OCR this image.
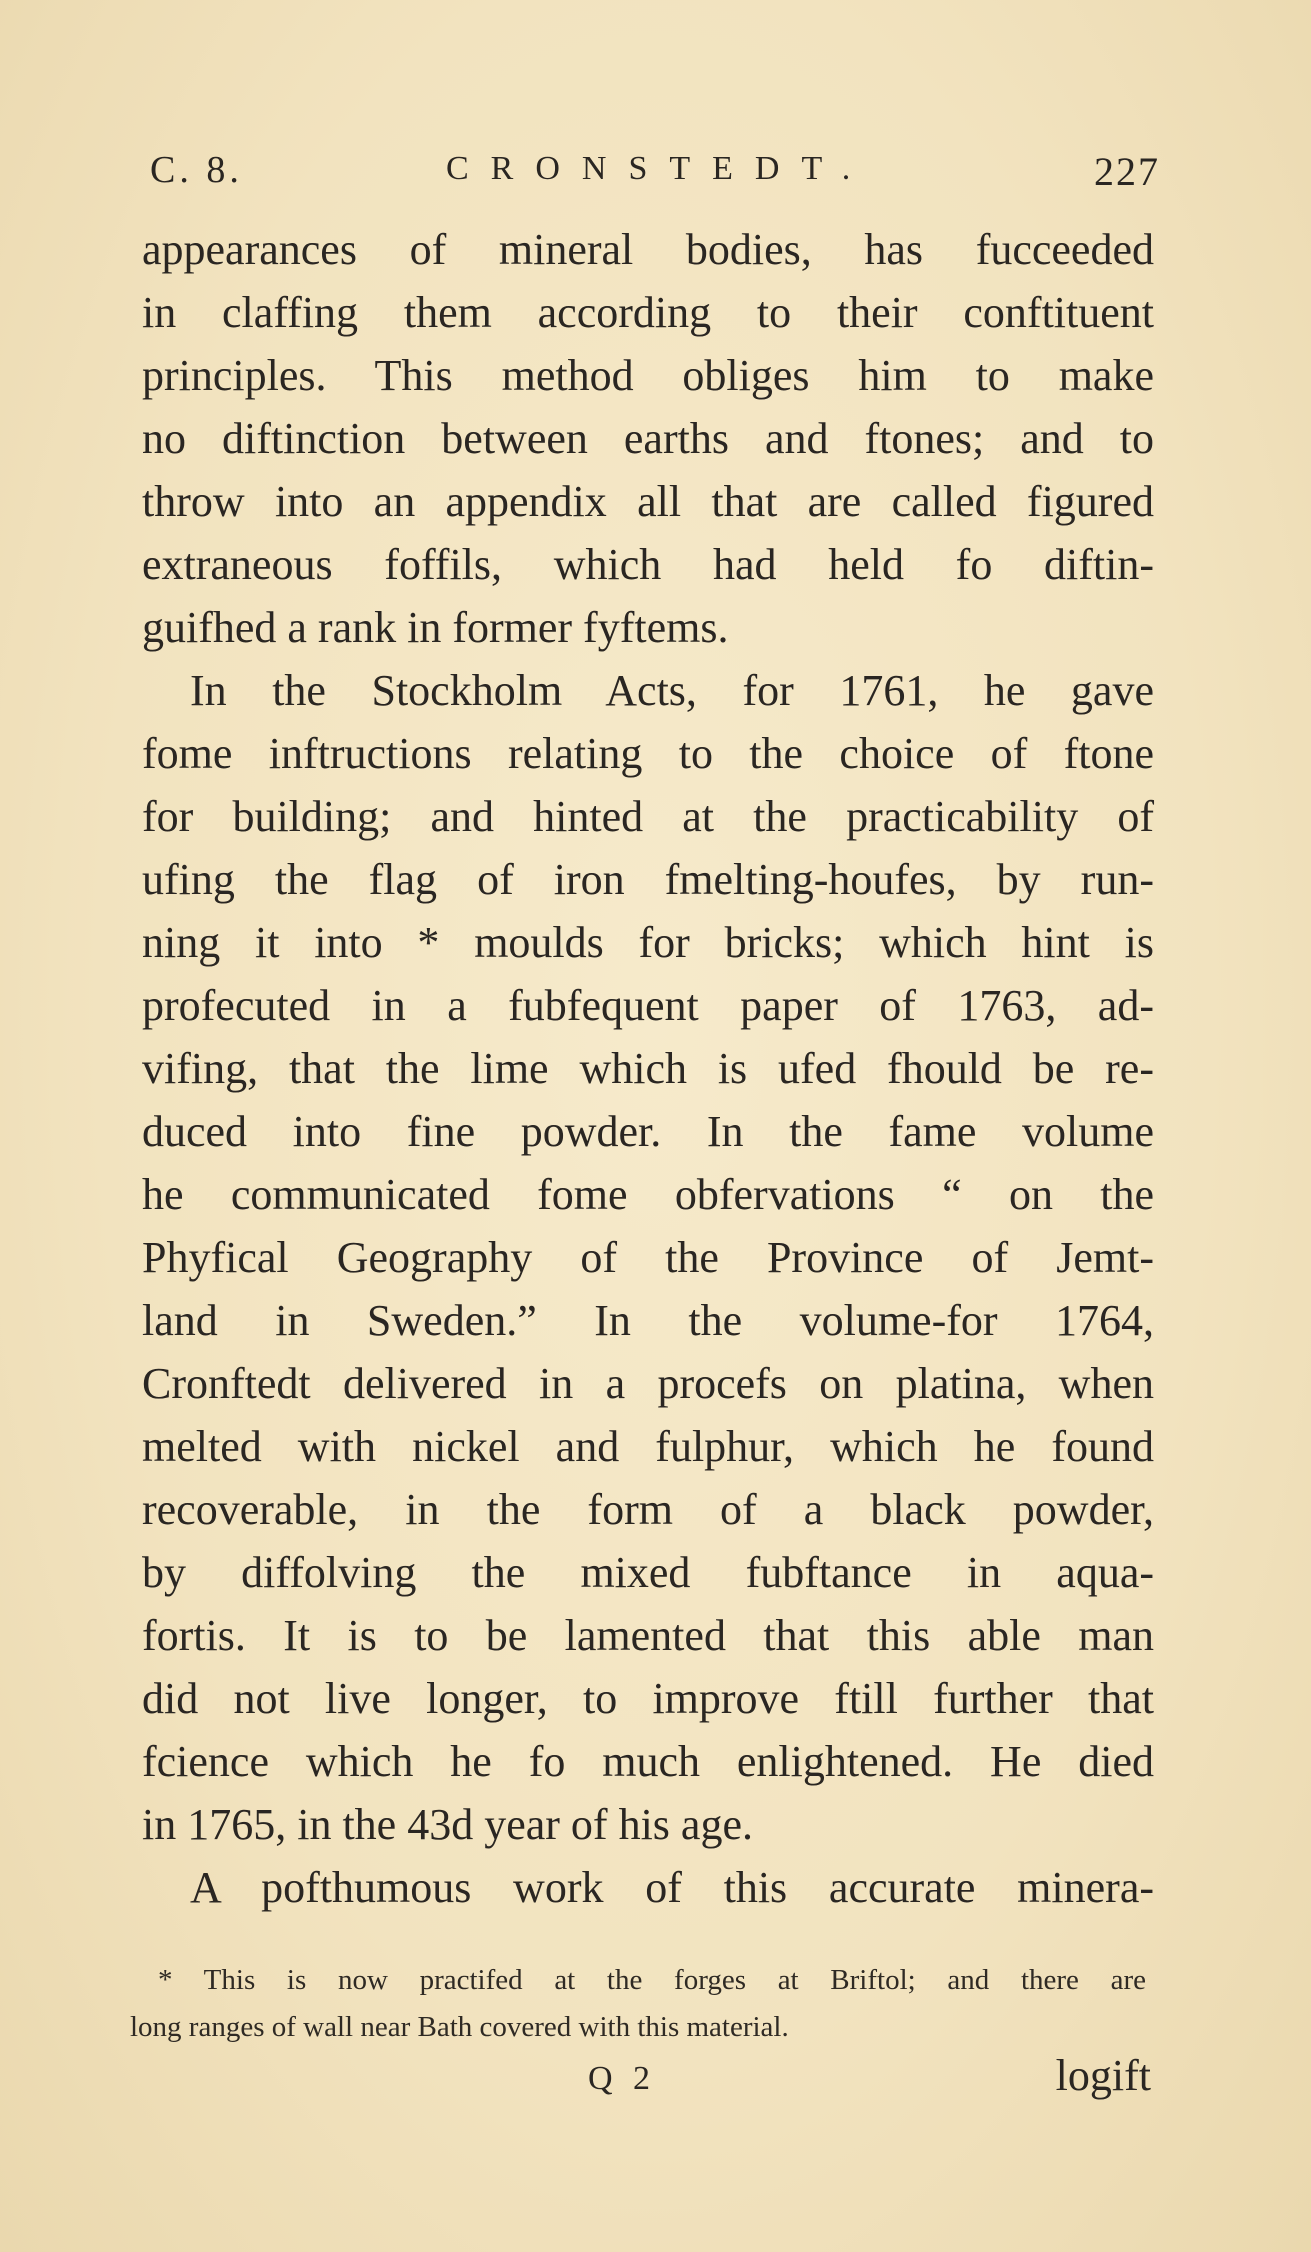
C. 8.	CRONSTEDT.	227
appearances of mineral bodies, has fucceeded
in claffing them according to their conftituent
principles. This method obliges him to make
no diftinction between earths and ftones; and to
throw into an appendix all that are called figured
extraneous foffils, which had held fo diftin-
guifhed a rank in former fyftems.
In the Stockholm Acts, for 1761, he gave
fome inftructions relating to the choice of ftone
for building; and hinted at the practicability of
ufing the flag of iron fmelting-houfes, by run-
ning it into * moulds for bricks; which hint is
profecuted in a fubfequent paper of 1763, ad-
vifing, that the lime which is ufed fhould be re-
duced into fine powder. In the fame volume
he communicated fome obfervations “ on the
Phyfical Geography of the Province of Jemt-
land in Sweden.” In the volume-for 1764,
Cronftedt delivered in a procefs on platina, when
melted with nickel and fulphur, which he found
recoverable, in the form of a black powder,
by diffolving the mixed fubftance in aqua-
fortis. It is to be lamented that this able man
did not live longer, to improve ftill further that
fcience which he fo much enlightened. He died
in 1765, in the 43d year of his age.
A pofthumous work of this accurate minera-
* This is now practifed at the forges at Briftol; and there are
long ranges of wall near Bath covered with this material.
Q 2	logift
